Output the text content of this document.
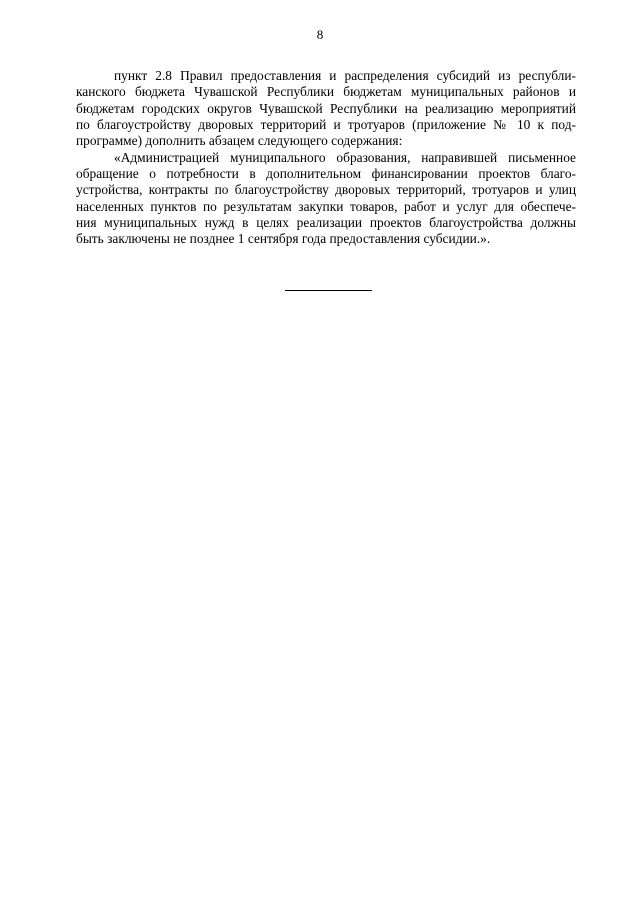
8
пункт 2.8 Правил предоставления и распределения субсидий из республи-
канского бюджета Чувашской Республики бюджетам муниципальных районов и
бюджетам городских округов Чувашской Республики на реализацию мероприятий
по благоустройству дворовых территорий и тротуаров (приложение № 10 к под-
программе) дополнить абзацем следующего содержания:
«Администрацией муниципального образования, направившей письменное
обращение о потребности в дополнительном финансировании проектов благо-
устройства, контракты по благоустройству дворовых территорий, тротуаров и улиц
населенных пунктов по результатам закупки товаров, работ и услуг для обеспече-
ния муниципальных нужд в целях реализации проектов благоустройства должны
быть заключены не позднее 1 сентября года предоставления субсидии.».
